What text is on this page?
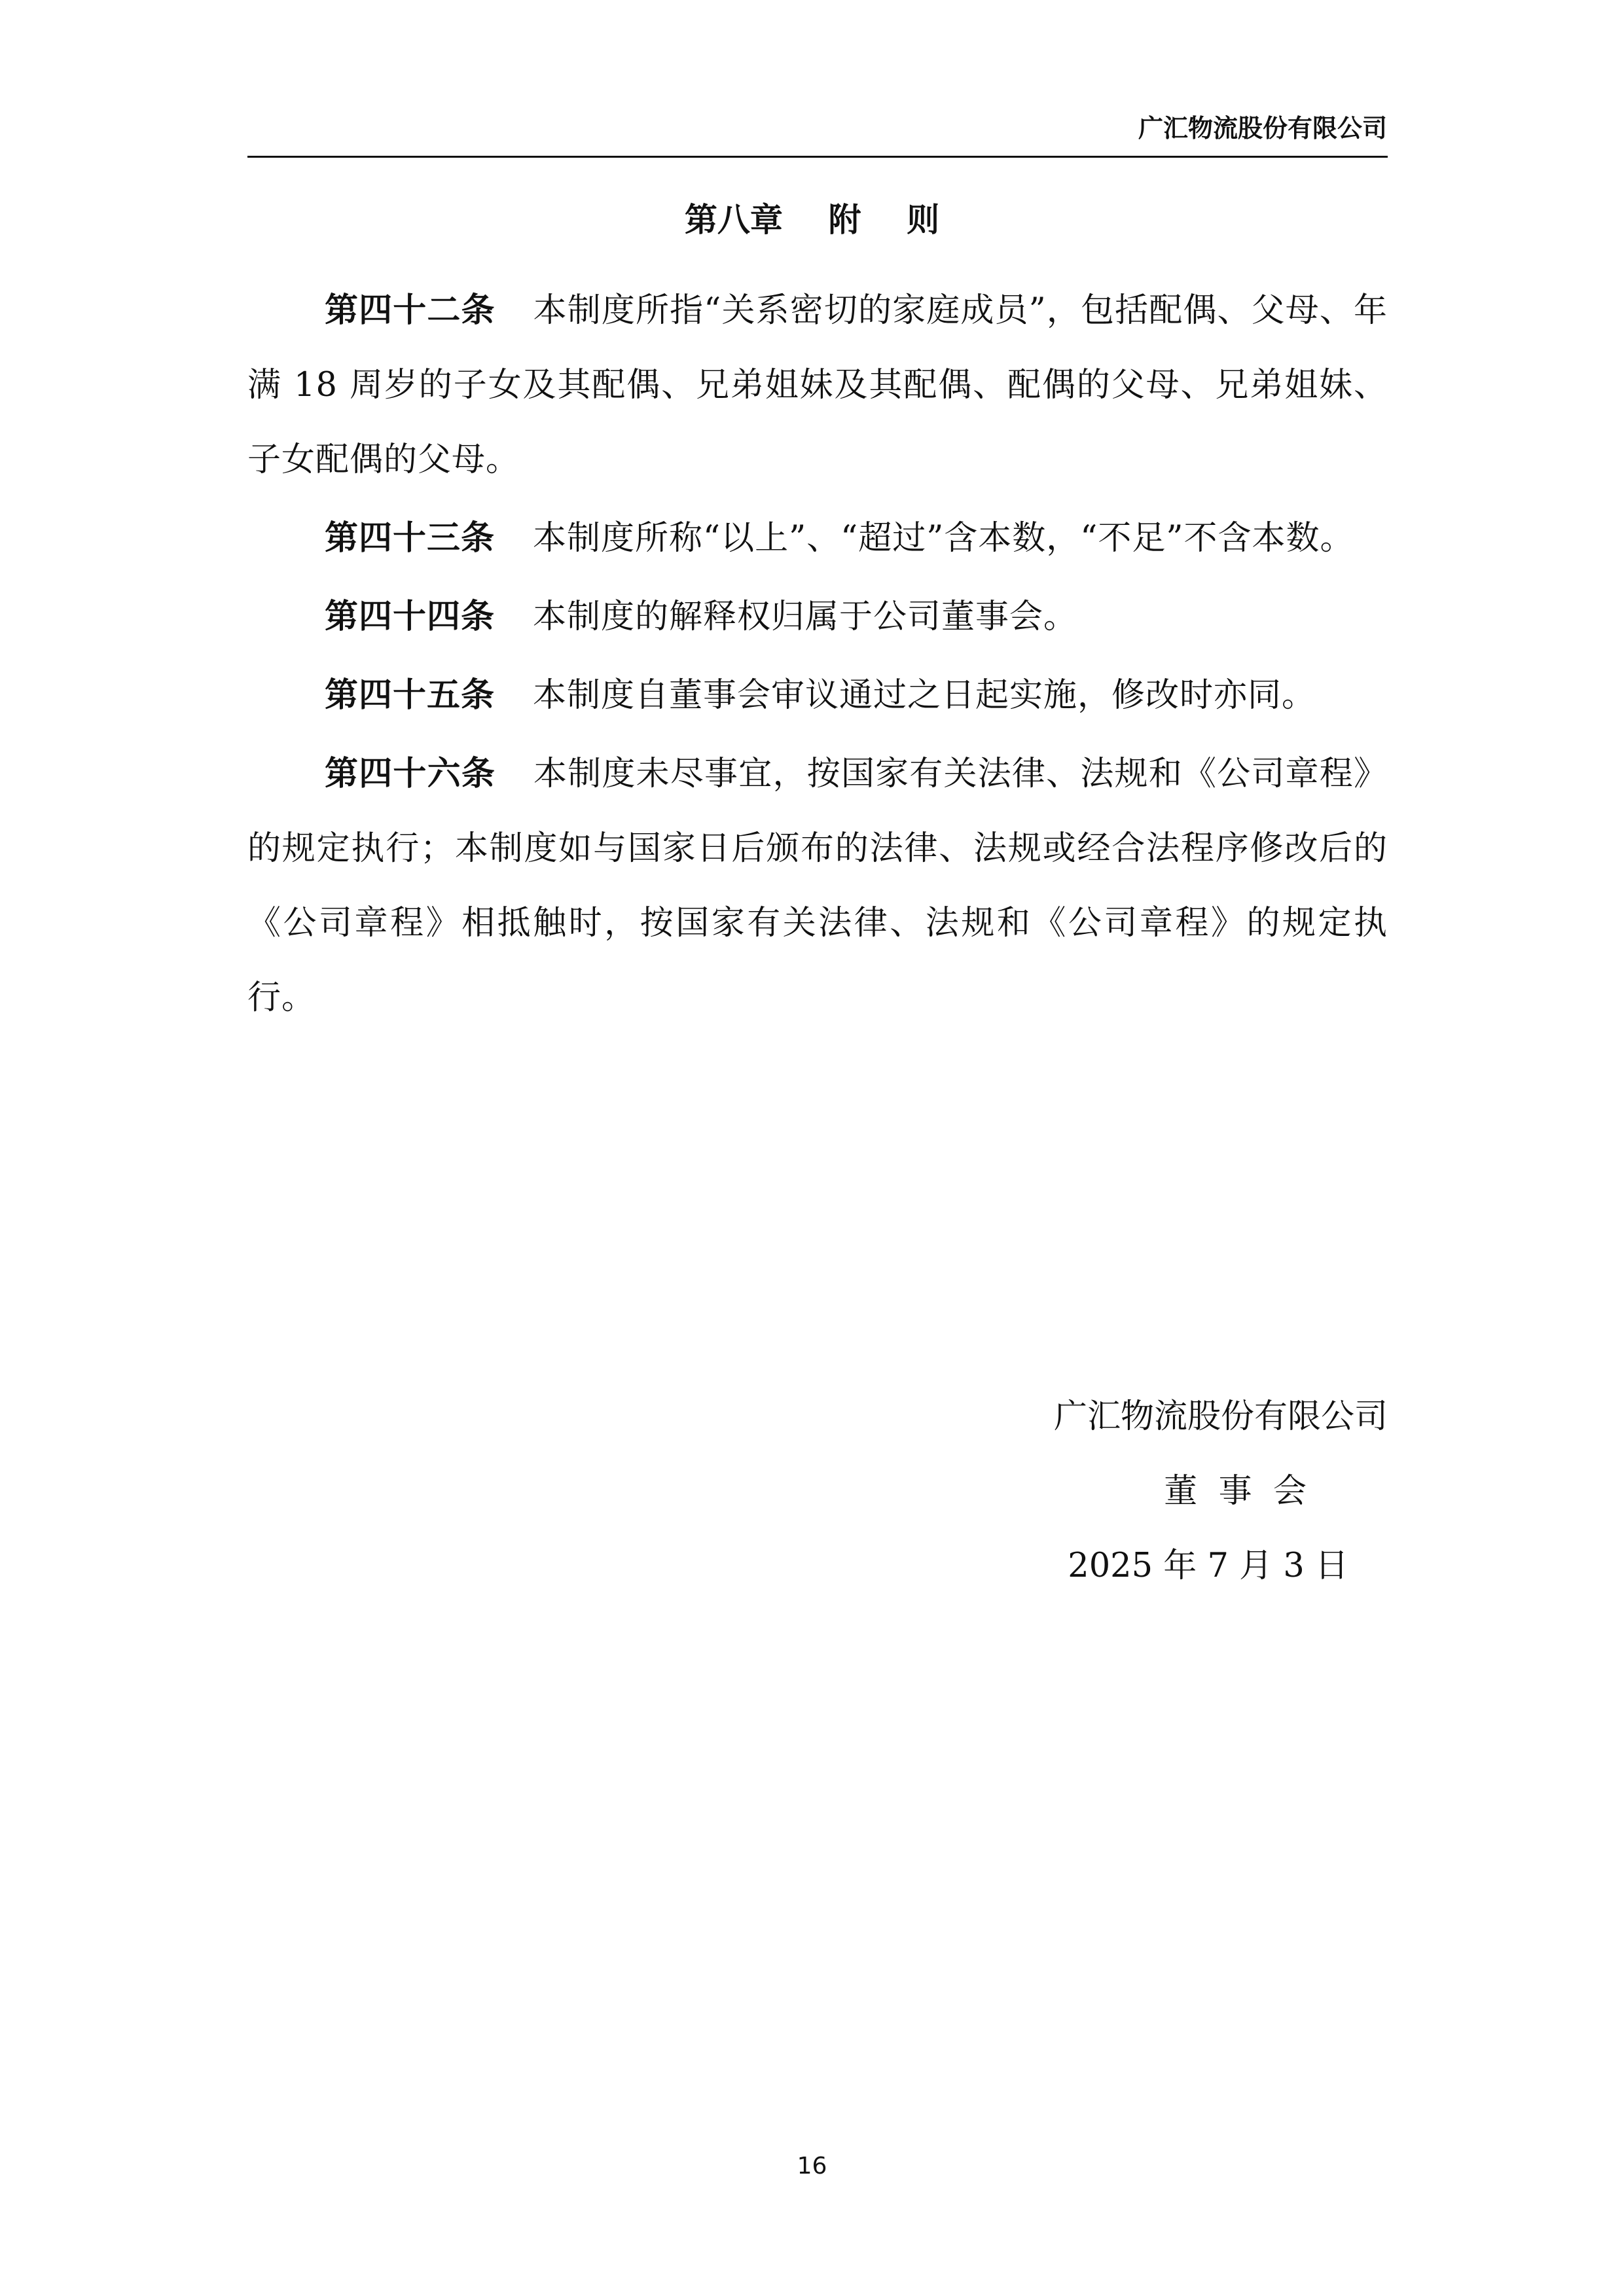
广汇物流股份有限公司
第八章    附    则

第四十二条 本制度所指“关系密切的家庭成员”，包括配偶、父母、年满 18 周岁的子女及其配偶、兄弟姐妹及其配偶、配偶的父母、兄弟姐妹、子女配偶的父母。

第四十三条 本制度所称“以上”、“超过”含本数，“不足”不含本数。

第四十四条 本制度的解释权归属于公司董事会。

第四十五条 本制度自董事会审议通过之日起实施，修改时亦同。

第四十六条 本制度未尽事宜，按国家有关法律、法规和《公司章程》的规定执行；本制度如与国家日后颁布的法律、法规或经合法程序修改后的《公司章程》相抵触时，按国家有关法律、法规和《公司章程》的规定执行。

广汇物流股份有限公司
董  事  会
2025 年 7 月 3 日
16
